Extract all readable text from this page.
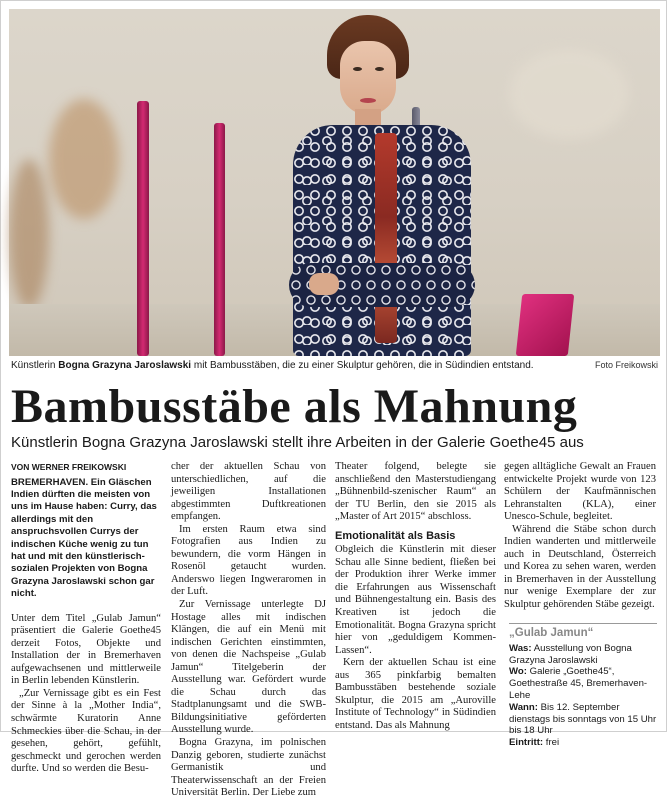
Künstlerin Bogna Grazyna Jaroslawski mit Bambusstäben, die zu einer Skulptur gehören, die in Südindien entstand.	Foto Freikowski
Bambusstäbe als Mahnung
Künstlerin Bogna Grazyna Jaroslawski stellt ihre Arbeiten in der Galerie Goethe45 aus
VON WERNER FREIKOWSKI
BREMERHAVEN. Ein Gläschen Indien dürften die meisten von uns im Hause haben: Curry, das allerdings mit den anspruchsvollen Currys der indischen Küche wenig zu tun hat und mit den künstlerisch-sozialen Projekten von Bogna Grazyna Jaroslawski schon gar nicht.

Unter dem Titel „Gulab Jamun“ präsentiert die Galerie Goethe45 derzeit Fotos, Objekte und Installation der in Bremerhaven aufgewachsenen und mittlerweile in Berlin lebenden Künstlerin.

„Zur Vernissage gibt es ein Fest der Sinne à la „Mother India“, schwärmte Kuratorin Anne Schmeckies über die Schau, in der gesehen, gehört, gefühlt, geschmeckt und gerochen werden durfte. Und so werden die Besu-

cher der aktuellen Schau von unterschiedlichen, auf die jeweiligen Installationen abgestimmten Duftkreationen empfangen.

Im ersten Raum etwa sind Fotografien aus Indien zu bewundern, die vorm Hängen in Rosenöl getaucht wurden. Anderswo liegen Ingweraromen in der Luft.

Zur Vernissage unterlegte DJ Hostage alles mit indischen Klängen, die auf ein Menü mit indischen Gerichten einstimmten, von denen die Nachspeise „Gulab Jamun“ Titelgeberin der Ausstellung war. Gefördert wurde die Schau durch das Stadtplanungsamt und die SWB-Bildungsinitiative geförderten Ausstellung wurde.

Bogna Grazyna, im polnischen Danzig geboren, studierte zunächst Germanistik und Theaterwissenschaft an der Freien Universität Berlin. Der Liebe zum

Theater folgend, belegte sie anschließend den Masterstudiengang „Bühnenbild-szenischer Raum“ an der TU Berlin, den sie 2015 als „Master of Art 2015“ abschloss.

Emotionalität als Basis

Obgleich die Künstlerin mit dieser Schau alle Sinne bedient, fließen bei der Produktion ihrer Werke immer die Erfahrungen aus Wissenschaft und Bühnengestaltung ein. Basis des Kreativen ist jedoch die Emotionalität. Bogna Grazyna spricht hier von „geduldigem Kommen-Lassen“.

Kern der aktuellen Schau ist eine aus 365 pinkfarbig bemalten Bambusstäben bestehende soziale Skulptur, die 2015 am „Auroville Institute of Technology“ in Südindien entstand. Das als Mahnung

gegen alltägliche Gewalt an Frauen entwickelte Projekt wurde von 123 Schülern der Kaufmännischen Lehranstalten (KLA), einer Unesco-Schule, begleitet.

Während die Stäbe schon durch Indien wanderten und mittlerweile auch in Deutschland, Österreich und Korea zu sehen waren, werden in Bremerhaven in der Ausstellung nur wenige Exemplare der zur Skulptur gehörenden Stäbe gezeigt.

„Gulab Jamun“
Was: Ausstellung von Bogna Grazyna Jaroslawski
Wo: Galerie „Goethe45“, Goethestraße 45, Bremerhaven-Lehe
Wann: Bis 12. September dienstags bis sonntags von 15 Uhr bis 18 Uhr
Eintritt: frei
